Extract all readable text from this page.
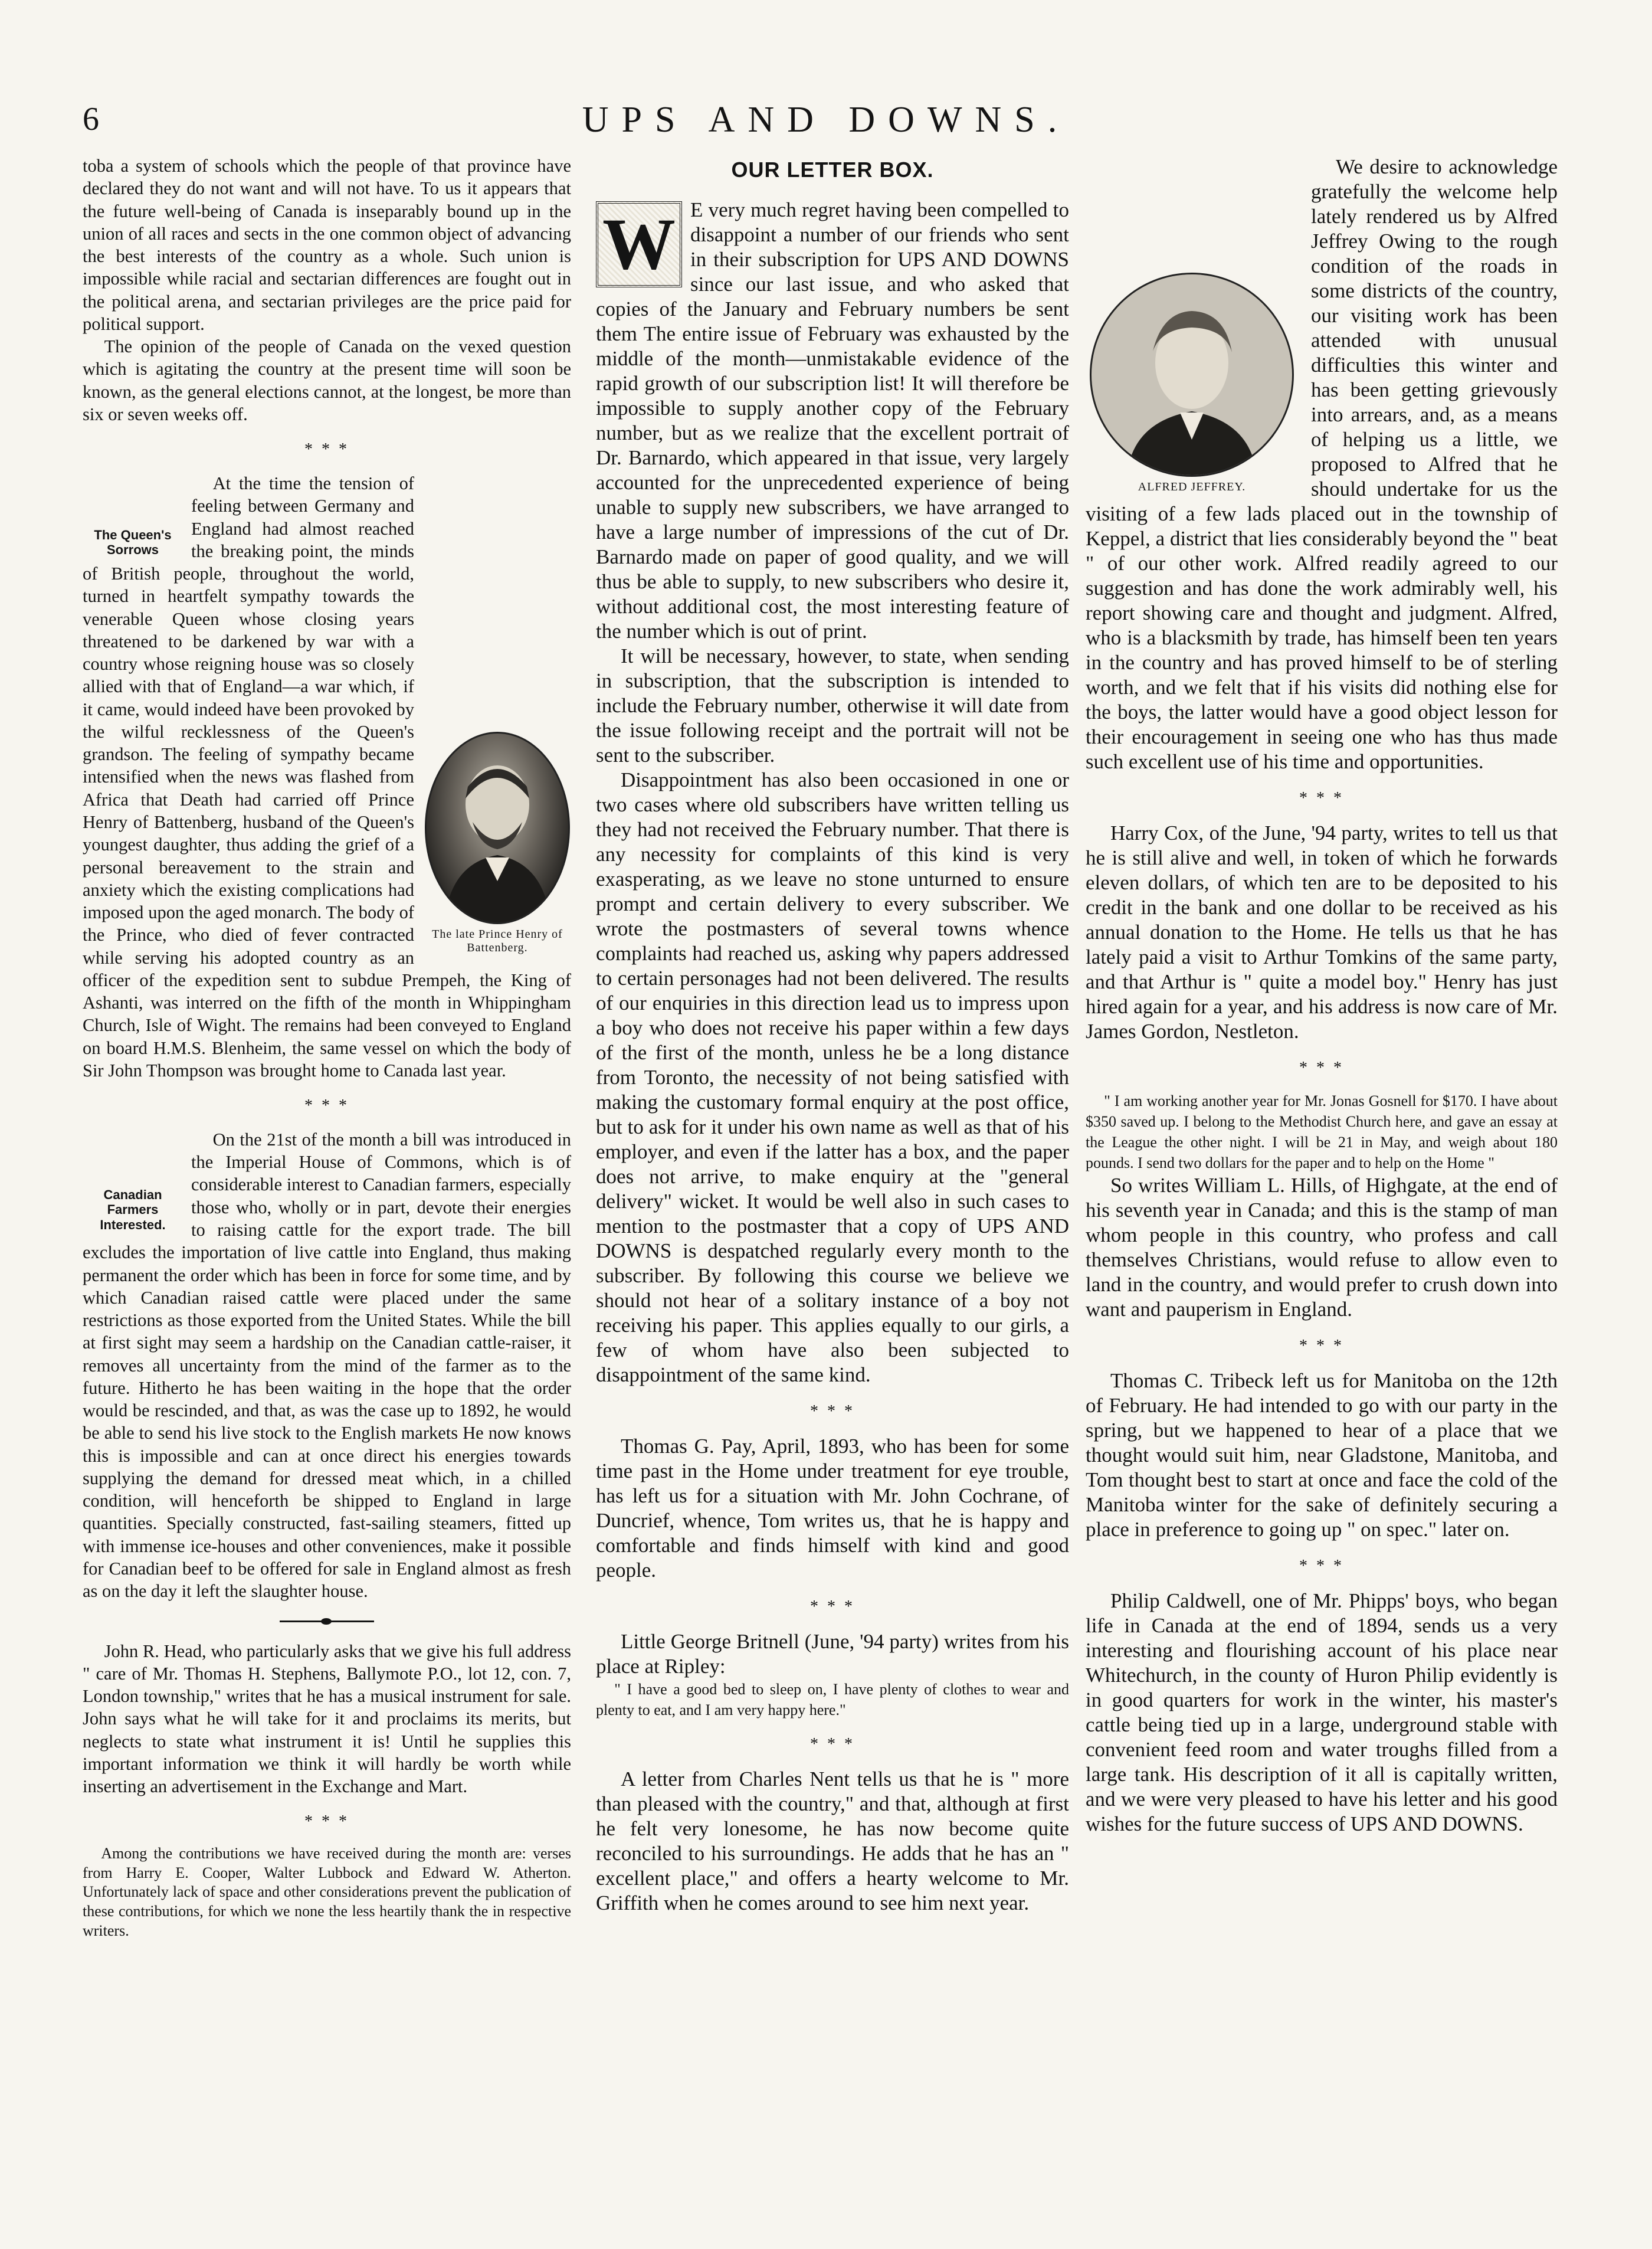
6	UPS AND DOWNS.

toba a system of schools which the people of that province have declared they do not want and will not have. To us it appears that the future well-being of Canada is inseparably bound up in the union of all races and sects in the one common object of advancing the best interests of the country as a whole. Such union is impossible while racial and sectarian differences are fought out in the political arena, and sectarian privileges are the price paid for political support.

The opinion of the people of Canada on the vexed question which is agitating the country at the present time will soon be known, as the general elections cannot, at the longest, be more than six or seven weeks off.

* * *
The Queen's Sorrows
The late Prince Henry of Battenberg.

At the time the tension of feeling between Germany and England had almost reached the breaking point, the minds of British people, throughout the world, turned in heartfelt sympathy towards the venerable Queen whose closing years threatened to be darkened by war with a country whose reigning house was so closely allied with that of England—a war which, if it came, would indeed have been provoked by the wilful recklessness of the Queen's grandson. The feeling of sympathy became intensified when the news was flashed from Africa that Death had carried off Prince Henry of Battenberg, husband of the Queen's youngest daughter, thus adding the grief of a personal bereavement to the strain and anxiety which the existing complications had imposed upon the aged monarch. The body of the Prince, who died of fever contracted while serving his adopted country as an officer of the expedition sent to subdue Prempeh, the King of Ashanti, was interred on the fifth of the month in Whippingham Church, Isle of Wight. The remains had been conveyed to England on board H.M.S. Blenheim, the same vessel on which the body of Sir John Thompson was brought home to Canada last year.

* * *
Canadian Farmers Interested.

On the 21st of the month a bill was introduced in the Imperial House of Commons, which is of considerable interest to Canadian farmers, especially those who, wholly or in part, devote their energies to raising cattle for the export trade. The bill excludes the importation of live cattle into England, thus making permanent the order which has been in force for some time, and by which Canadian raised cattle were placed under the same restrictions as those exported from the United States. While the bill at first sight may seem a hardship on the Canadian cattle-raiser, it removes all uncertainty from the mind of the farmer as to the future. Hitherto he has been waiting in the hope that the order would be rescinded, and that, as was the case up to 1892, he would be able to send his live stock to the English markets He now knows this is impossible and can at once direct his energies towards supplying the demand for dressed meat which, in a chilled condition, will henceforth be shipped to England in large quantities. Specially constructed, fast-sailing steamers, fitted up with immense ice-houses and other conveniences, make it possible for Canadian beef to be offered for sale in England almost as fresh as on the day it left the slaughter house.

John R. Head, who particularly asks that we give his full address " care of Mr. Thomas H. Stephens, Ballymote P.O., lot 12, con. 7, London township," writes that he has a musical instrument for sale. John says what he will take for it and proclaims its merits, but neglects to state what instrument it is! Until he supplies this important information we think it will hardly be worth while inserting an advertisement in the Exchange and Mart.

* * *

Among the contributions we have received during the month are: verses from Harry E. Cooper, Walter Lubbock and Edward W. Atherton. Unfortunately lack of space and other considerations prevent the publication of these contributions, for which we none the less heartily thank the in respective writers.

OUR LETTER BOX.
W E very much regret having been compelled to disappoint a number of our friends who sent in their subscription for UPS AND DOWNS since our last issue, and who asked that copies of the January and February numbers be sent them The entire issue of February was exhausted by the middle of the month—unmistakable evidence of the rapid growth of our subscription list! It will therefore be impossible to supply another copy of the February number, but as we realize that the excellent portrait of Dr. Barnardo, which appeared in that issue, very largely accounted for the unprecedented experience of being unable to supply new subscribers, we have arranged to have a large number of impressions of the cut of Dr. Barnardo made on paper of good quality, and we will thus be able to supply, to new subscribers who desire it, without additional cost, the most interesting feature of the number which is out of print.

It will be necessary, however, to state, when sending in subscription, that the subscription is intended to include the February number, otherwise it will date from the issue following receipt and the portrait will not be sent to the subscriber.

Disappointment has also been occasioned in one or two cases where old subscribers have written telling us they had not received the February number. That there is any necessity for complaints of this kind is very exasperating, as we leave no stone unturned to ensure prompt and certain delivery to every subscriber. We wrote the postmasters of several towns whence complaints had reached us, asking why papers addressed to certain personages had not been delivered. The results of our enquiries in this direction lead us to impress upon a boy who does not receive his paper within a few days of the first of the month, unless he be a long distance from Toronto, the necessity of not being satisfied with making the customary formal enquiry at the post office, but to ask for it under his own name as well as that of his employer, and even if the latter has a box, and the paper does not arrive, to make enquiry at the "general delivery" wicket. It would be well also in such cases to mention to the postmaster that a copy of UPS AND DOWNS is despatched regularly every month to the subscriber. By following this course we believe we should not hear of a solitary instance of a boy not receiving his paper. This applies equally to our girls, a few of whom have also been subjected to disappointment of the same kind.

* * *

Thomas G. Pay, April, 1893, who has been for some time past in the Home under treatment for eye trouble, has left us for a situation with Mr. John Cochrane, of Duncrief, whence, Tom writes us, that he is happy and comfortable and finds himself with kind and good people.

* * *

Little George Britnell (June, '94 party) writes from his place at Ripley:

" I have a good bed to sleep on, I have plenty of clothes to wear and plenty to eat, and I am very happy here."

* * *

A letter from Charles Nent tells us that he is " more than pleased with the country," and that, although at first he felt very lonesome, he has now become quite reconciled to his surroundings. He adds that he has an " excellent place," and offers a hearty welcome to Mr. Griffith when he comes around to see him next year.

ALFRED JEFFREY.

We desire to acknowledge gratefully the welcome help lately rendered us by Alfred Jeffrey Owing to the rough condition of the roads in some districts of the country, our visiting work has been attended with unusual difficulties this winter and has been getting grievously into arrears, and, as a means of helping us a little, we proposed to Alfred that he should undertake for us the visiting of a few lads placed out in the township of Keppel, a district that lies considerably beyond the " beat " of our other work. Alfred readily agreed to our suggestion and has done the work admirably well, his report showing care and thought and judgment. Alfred, who is a blacksmith by trade, has himself been ten years in the country and has proved himself to be of sterling worth, and we felt that if his visits did nothing else for the boys, the latter would have a good object lesson for their encouragement in seeing one who has thus made such excellent use of his time and opportunities.

* * *

Harry Cox, of the June, '94 party, writes to tell us that he is still alive and well, in token of which he forwards eleven dollars, of which ten are to be deposited to his credit in the bank and one dollar to be received as his annual donation to the Home. He tells us that he has lately paid a visit to Arthur Tomkins of the same party, and that Arthur is " quite a model boy." Henry has just hired again for a year, and his address is now care of Mr. James Gordon, Nestleton.

* * *

" I am working another year for Mr. Jonas Gosnell for $170. I have about $350 saved up. I belong to the Methodist Church here, and gave an essay at the League the other night. I will be 21 in May, and weigh about 180 pounds. I send two dollars for the paper and to help on the Home "

So writes William L. Hills, of Highgate, at the end of his seventh year in Canada; and this is the stamp of man whom people in this country, who profess and call themselves Christians, would refuse to allow even to land in the country, and would prefer to crush down into want and pauperism in England.

* * *

Thomas C. Tribeck left us for Manitoba on the 12th of February. He had intended to go with our party in the spring, but we happened to hear of a place that we thought would suit him, near Gladstone, Manitoba, and Tom thought best to start at once and face the cold of the Manitoba winter for the sake of definitely securing a place in preference to going up " on spec." later on.

* * *

Philip Caldwell, one of Mr. Phipps' boys, who began life in Canada at the end of 1894, sends us a very interesting and flourishing account of his place near Whitechurch, in the county of Huron Philip evidently is in good quarters for work in the winter, his master's cattle being tied up in a large, underground stable with convenient feed room and water troughs filled from a large tank. His description of it all is capitally written, and we were very pleased to have his letter and his good wishes for the future success of UPS AND DOWNS.
